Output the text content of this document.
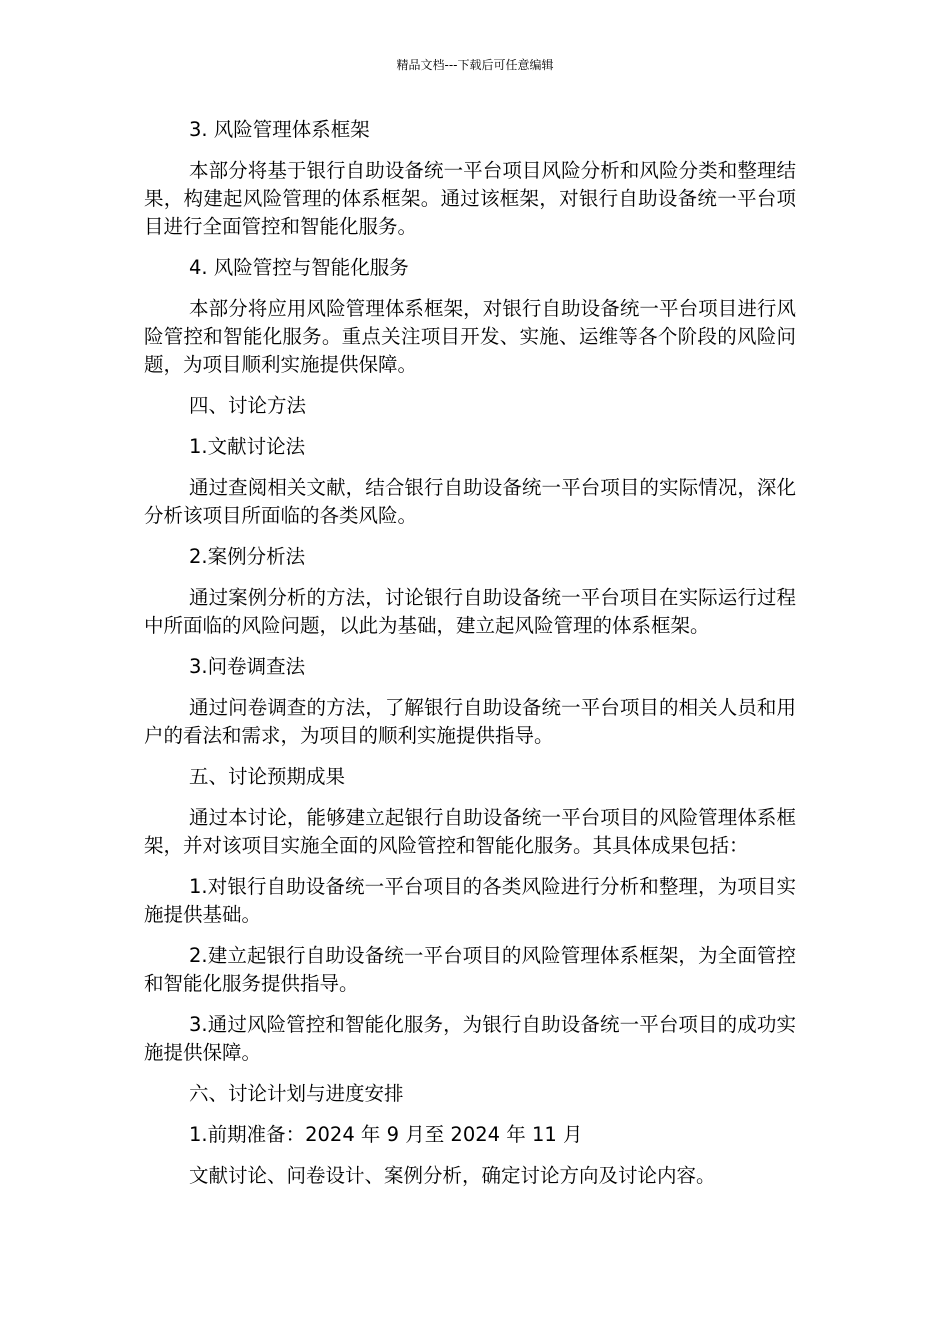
精品文档---下载后可任意编辑

3. 风险管理体系框架

本部分将基于银行自助设备统一平台项目风险分析和风险分类和整理结果，构建起风险管理的体系框架。通过该框架，对银行自助设备统一平台项目进行全面管控和智能化服务。

4. 风险管控与智能化服务

本部分将应用风险管理体系框架，对银行自助设备统一平台项目进行风险管控和智能化服务。重点关注项目开发、实施、运维等各个阶段的风险问题，为项目顺利实施提供保障。

四、讨论方法

1.文献讨论法

通过查阅相关文献，结合银行自助设备统一平台项目的实际情况，深化分析该项目所面临的各类风险。

2.案例分析法

通过案例分析的方法，讨论银行自助设备统一平台项目在实际运行过程中所面临的风险问题，以此为基础，建立起风险管理的体系框架。

3.问卷调查法

通过问卷调查的方法，了解银行自助设备统一平台项目的相关人员和用户的看法和需求，为项目的顺利实施提供指导。

五、讨论预期成果

通过本讨论，能够建立起银行自助设备统一平台项目的风险管理体系框架，并对该项目实施全面的风险管控和智能化服务。其具体成果包括：

1.对银行自助设备统一平台项目的各类风险进行分析和整理，为项目实施提供基础。

2.建立起银行自助设备统一平台项目的风险管理体系框架，为全面管控和智能化服务提供指导。

3.通过风险管控和智能化服务，为银行自助设备统一平台项目的成功实施提供保障。

六、讨论计划与进度安排

1.前期准备：2024 年 9 月至 2024 年 11 月

文献讨论、问卷设计、案例分析，确定讨论方向及讨论内容。
